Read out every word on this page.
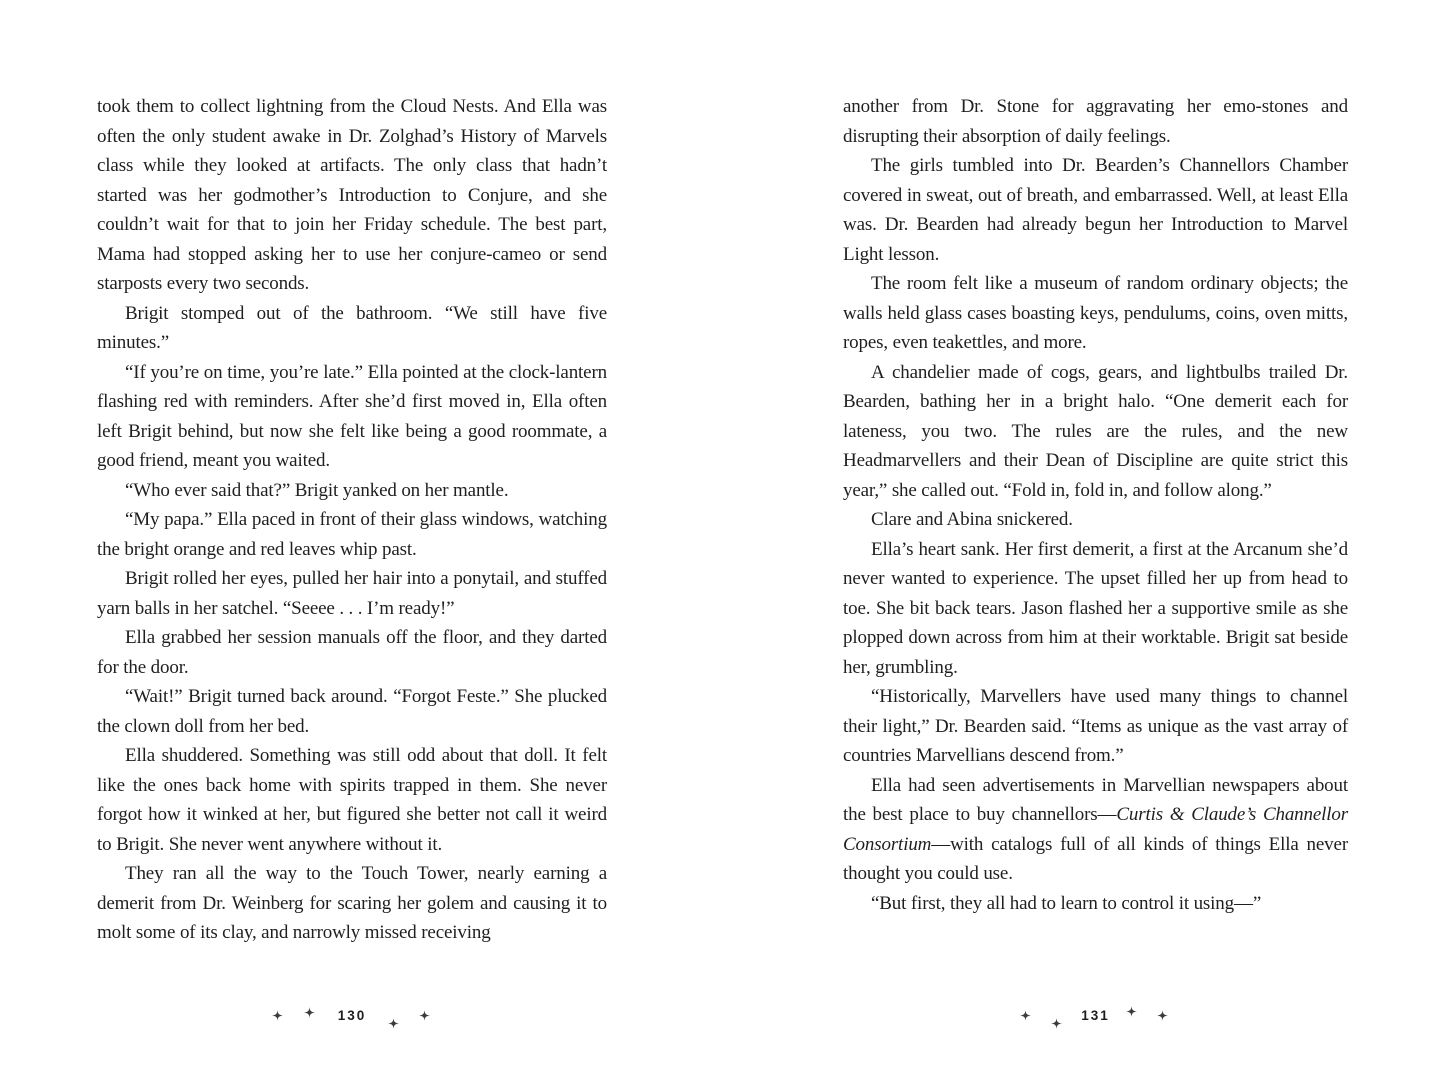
took them to collect lightning from the Cloud Nests. And Ella was often the only student awake in Dr. Zolghad’s History of Marvels class while they looked at artifacts. The only class that hadn’t started was her godmother’s Introduction to Conjure, and she couldn’t wait for that to join her Friday schedule. The best part, Mama had stopped asking her to use her conjure-cameo or send starposts every two seconds.

Brigit stomped out of the bathroom. “We still have five minutes.”

“If you’re on time, you’re late.” Ella pointed at the clock-lantern flashing red with reminders. After she’d first moved in, Ella often left Brigit behind, but now she felt like being a good roommate, a good friend, meant you waited.

“Who ever said that?” Brigit yanked on her mantle.

“My papa.” Ella paced in front of their glass windows, watching the bright orange and red leaves whip past.

Brigit rolled her eyes, pulled her hair into a ponytail, and stuffed yarn balls in her satchel. “Seeee . . . I’m ready!”

Ella grabbed her session manuals off the floor, and they darted for the door.

“Wait!” Brigit turned back around. “Forgot Feste.” She plucked the clown doll from her bed.

Ella shuddered. Something was still odd about that doll. It felt like the ones back home with spirits trapped in them. She never forgot how it winked at her, but figured she better not call it weird to Brigit. She never went anywhere without it.

They ran all the way to the Touch Tower, nearly earning a demerit from Dr. Weinberg for scaring her golem and causing it to molt some of its clay, and narrowly missed receiving

130

another from Dr. Stone for aggravating her emo-stones and disrupting their absorption of daily feelings.

The girls tumbled into Dr. Bearden’s Channellors Chamber covered in sweat, out of breath, and embarrassed. Well, at least Ella was. Dr. Bearden had already begun her Introduction to Marvel Light lesson.

The room felt like a museum of random ordinary objects; the walls held glass cases boasting keys, pendulums, coins, oven mitts, ropes, even teakettles, and more.

A chandelier made of cogs, gears, and lightbulbs trailed Dr. Bearden, bathing her in a bright halo. “One demerit each for lateness, you two. The rules are the rules, and the new Headmarvellers and their Dean of Discipline are quite strict this year,” she called out. “Fold in, fold in, and follow along.”

Clare and Abina snickered.

Ella’s heart sank. Her first demerit, a first at the Arcanum she’d never wanted to experience. The upset filled her up from head to toe. She bit back tears. Jason flashed her a supportive smile as she plopped down across from him at their worktable. Brigit sat beside her, grumbling.

“Historically, Marvellers have used many things to channel their light,” Dr. Bearden said. “Items as unique as the vast array of countries Marvellians descend from.”

Ella had seen advertisements in Marvellian newspapers about the best place to buy channellors—Curtis & Claude’s Channellor Consortium—with catalogs full of all kinds of things Ella never thought you could use.

“But first, they all had to learn to control it using—”

131
